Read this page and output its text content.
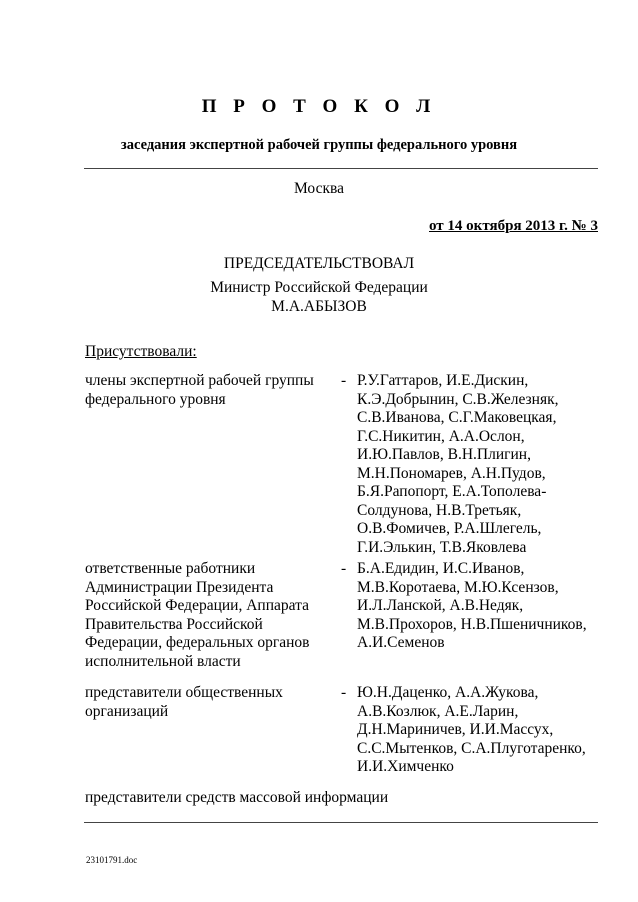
П Р О Т О К О Л
заседания экспертной рабочей группы федерального уровня
Москва
от 14 октября 2013 г. № 3
ПРЕДСЕДАТЕЛЬСТВОВАЛ
Министр Российской Федерации
М.А.АБЫЗОВ
Присутствовали:
члены экспертной рабочей группы
федерального уровня
- Р.У.Гаттаров, И.Е.Дискин,
К.Э.Добрынин, С.В.Железняк,
С.В.Иванова, С.Г.Маковецкая,
Г.С.Никитин, А.А.Ослон,
И.Ю.Павлов, В.Н.Плигин,
М.Н.Пономарев, А.Н.Пудов,
Б.Я.Рапопорт, Е.А.Тополева-
Солдунова, Н.В.Третьяк,
О.В.Фомичев, Р.А.Шлегель,
Г.И.Элькин, Т.В.Яковлева
ответственные работники
Администрации Президента
Российской Федерации, Аппарата
Правительства Российской
Федерации, федеральных органов
исполнительной власти
- Б.А.Едидин, И.С.Иванов,
М.В.Коротаева, М.Ю.Ксензов,
И.Л.Ланской, А.В.Недяк,
М.В.Прохоров, Н.В.Пшеничников,
А.И.Семенов
представители общественных
организаций
- Ю.Н.Даценко, А.А.Жукова,
А.В.Козлюк, А.Е.Ларин,
Д.Н.Мариничев, И.И.Массух,
С.С.Мытенков, С.А.Плуготаренко,
И.И.Химченко
представители средств массовой информации
23101791.doc
